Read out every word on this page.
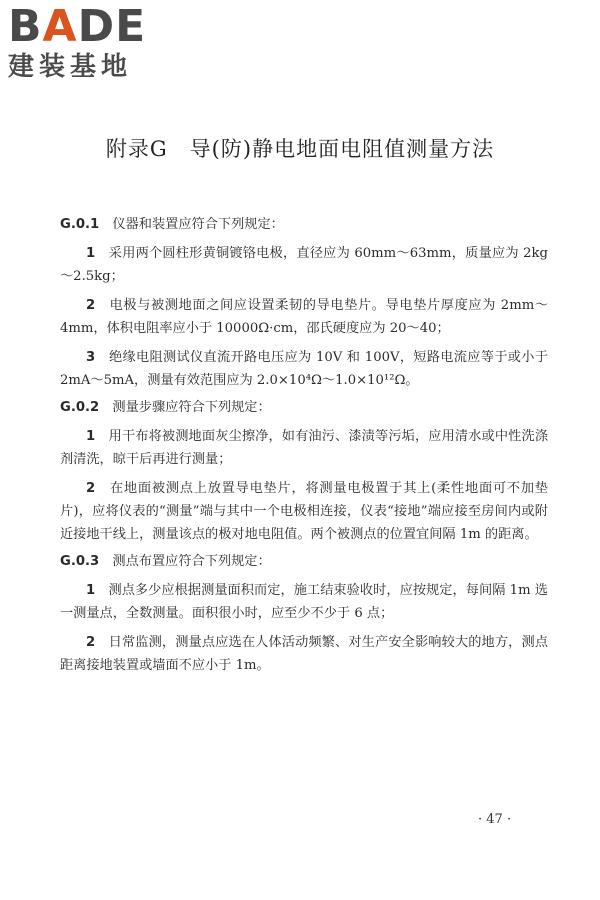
BADE
建装基地
附录G　导(防)静电地面电阻值测量方法

G.0.1　 仪器和装置应符合下列规定：

1　 采用两个圆柱形黄铜镀铬电极，直径应为 60mm～63mm，质量应为 2kg～2.5kg；

2　 电极与被测地面之间应设置柔韧的导电垫片。导电垫片厚度应为 2mm～4mm，体积电阻率应小于 10000Ω·cm，邵氏硬度应为 20～40；

3　 绝缘电阻测试仪直流开路电压应为 10V 和 100V，短路电流应等于或小于 2mA～5mA，测量有效范围应为 2.0×10⁴Ω～1.0×10¹²Ω。

G.0.2　 测量步骤应符合下列规定：

1　 用干布将被测地面灰尘擦净，如有油污、漆渍等污垢，应用清水或中性洗涤剂清洗，晾干后再进行测量；

2　 在地面被测点上放置导电垫片，将测量电极置于其上(柔性地面可不加垫片)，应将仪表的“测量”端与其中一个电极相连接，仪表“接地”端应接至房间内或附近接地干线上，测量该点的极对地电阻值。两个被测点的位置宜间隔 1m 的距离。

G.0.3　 测点布置应符合下列规定：

1　 测点多少应根据测量面积而定，施工结束验收时，应按规定，每间隔 1m 选一测量点，全数测量。面积很小时，应至少不少于 6 点；

2　 日常监测，测量点应选在人体活动频繁、对生产安全影响较大的地方，测点距离接地装置或墙面不应小于 1m。

· 47 ·
